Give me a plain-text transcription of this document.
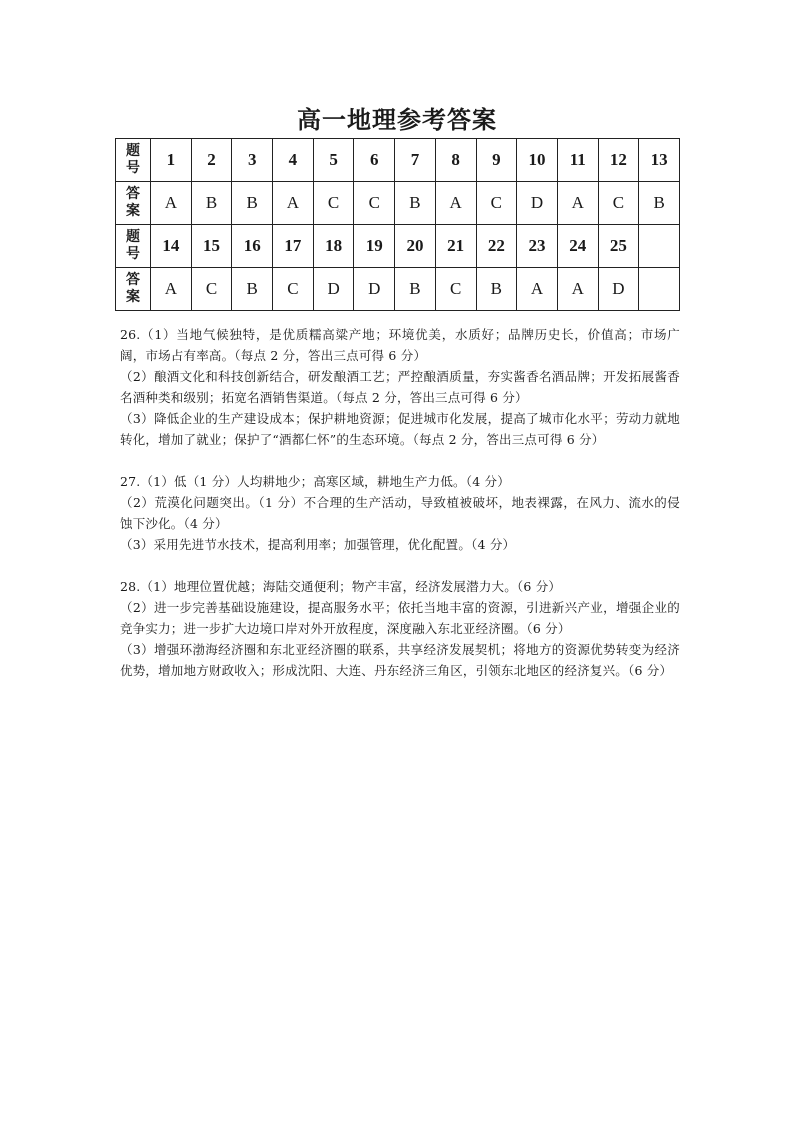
高一地理参考答案
题
号	1	2	3	4	5	6	7	8	9	10	11	12	13

答
案	A	B	B	A	C	C	B	A	C	D	A	C	B

题
号	14	15	16	17	18	19	20	21	22	23	24	25	

答
案	A	C	B	C	D	D	B	C	B	A	A	D	

26.（1）当地气候独特，是优质糯高粱产地；环境优美，水质好；品牌历史长，价值高；市场广阔，市场占有率高。（每点 2 分，答出三点可得 6 分）

（2）酿酒文化和科技创新结合，研发酿酒工艺；严控酿酒质量，夯实酱香名酒品牌；开发拓展酱香名酒种类和级别；拓宽名酒销售渠道。（每点 2 分，答出三点可得 6 分）

（3）降低企业的生产建设成本；保护耕地资源；促进城市化发展，提高了城市化水平；劳动力就地转化，增加了就业；保护了“酒都仁怀”的生态环境。（每点 2 分，答出三点可得 6 分）

27.（1）低（1 分）人均耕地少；高寒区域，耕地生产力低。（4 分）

（2）荒漠化问题突出。（1 分）不合理的生产活动，导致植被破坏，地表裸露，在风力、流水的侵蚀下沙化。（4 分）

（3）采用先进节水技术，提高利用率；加强管理，优化配置。（4 分）

28.（1）地理位置优越；海陆交通便利；物产丰富，经济发展潜力大。（6 分）

（2）进一步完善基础设施建设，提高服务水平；依托当地丰富的资源，引进新兴产业，增强企业的竞争实力；进一步扩大边境口岸对外开放程度，深度融入东北亚经济圈。（6 分）

（3）增强环渤海经济圈和东北亚经济圈的联系，共享经济发展契机；将地方的资源优势转变为经济优势，增加地方财政收入；形成沈阳、大连、丹东经济三角区，引领东北地区的经济复兴。（6 分）
